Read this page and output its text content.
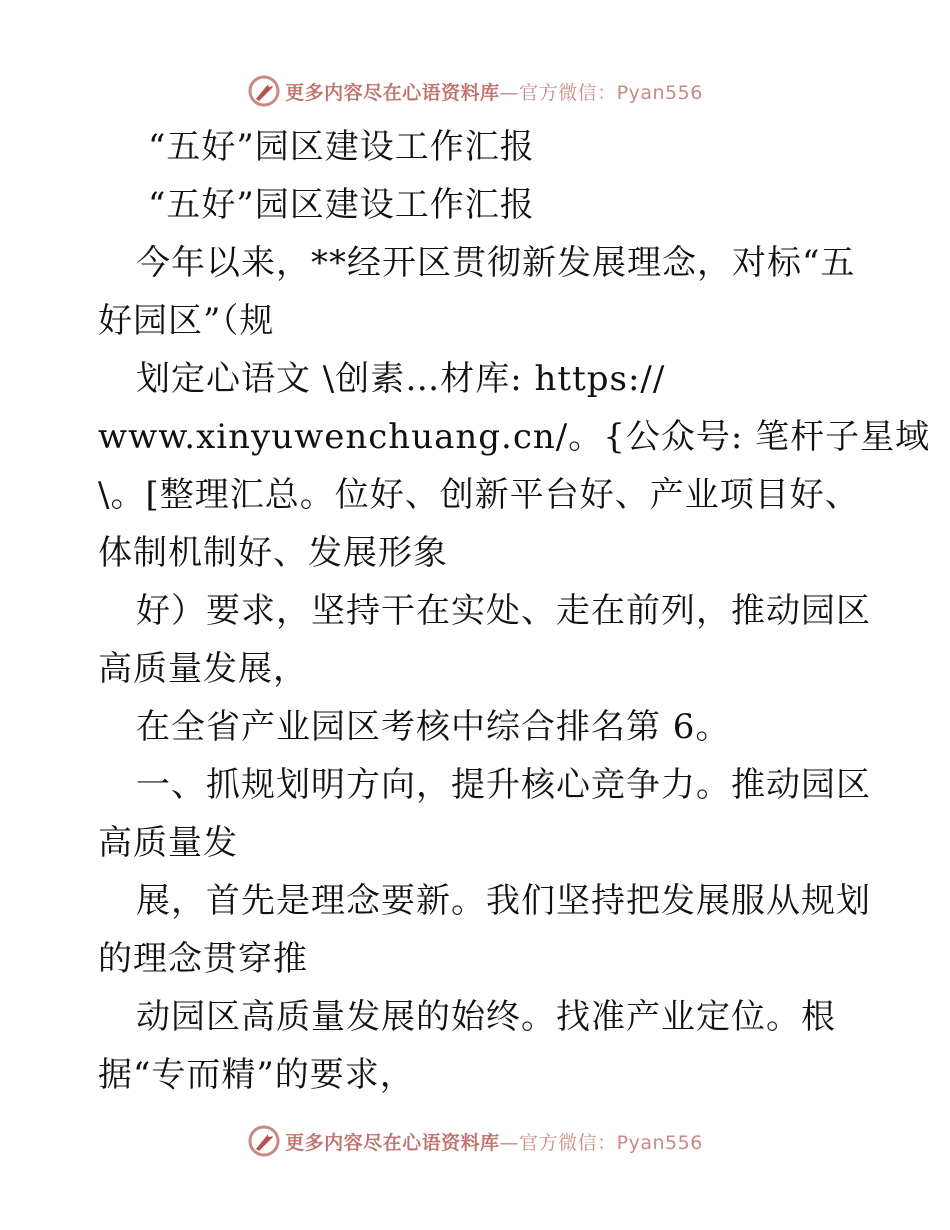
更多内容尽在心语资料库—官方微信：Pyan556
“五好”园区建设工作汇报
“五好”园区建设工作汇报
今年以来，**经开区贯彻新发展理念，对标“五
好园区”（规
划定心语文 \创素…材库: https://
www.xinyuwenchuang.cn/。{公众号: 笔杆子星域
\。[整理汇总。位好、创新平台好、产业项目好、
体制机制好、发展形象
好）要求，坚持干在实处、走在前列，推动园区
高质量发展，
在全省产业园区考核中综合排名第 6。
一、抓规划明方向，提升核心竞争力。推动园区
高质量发
展，首先是理念要新。我们坚持把发展服从规划
的理念贯穿推
动园区高质量发展的始终。找准产业定位。根
据“专而精”的要求，
更多内容尽在心语资料库—官方微信：Pyan556
